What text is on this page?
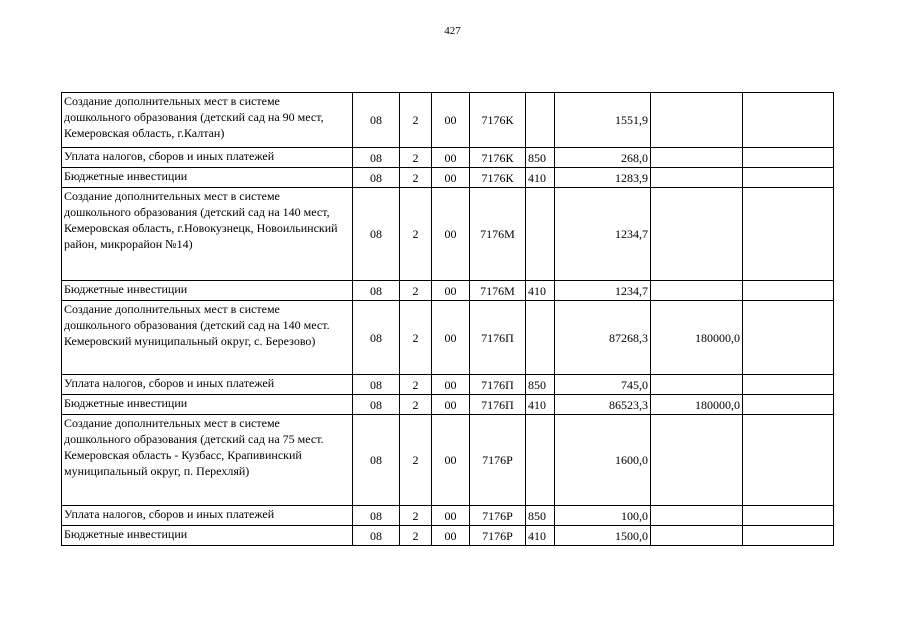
427
Создание дополнительных мест в системе дошкольного образования (детский сад на 90 мест, Кемеровская область, г.Калтан)	08	2	00	7176К		1551,9		
Уплата налогов, сборов и иных платежей	08	2	00	7176К	850	268,0		
Бюджетные инвестиции	08	2	00	7176К	410	1283,9		
Создание дополнительных мест в системе дошкольного образования (детский сад на 140 мест, Кемеровская область, г.Новокузнецк, Новоильинский район, микрорайон №14)	08	2	00	7176М		1234,7		
Бюджетные инвестиции	08	2	00	7176М	410	1234,7		
Создание дополнительных мест в системе дошкольного образования (детский сад на 140 мест. Кемеровский муниципальный округ, с. Березово)	08	2	00	7176П		87268,3	180000,0	
Уплата налогов, сборов и иных платежей	08	2	00	7176П	850	745,0		
Бюджетные инвестиции	08	2	00	7176П	410	86523,3	180000,0	
Создание дополнительных мест в системе дошкольного образования (детский сад на 75 мест. Кемеровская область - Кузбасс, Крапивинский муниципальный округ, п. Перехляй)	08	2	00	7176Р		1600,0		
Уплата налогов, сборов и иных платежей	08	2	00	7176Р	850	100,0		
Бюджетные инвестиции	08	2	00	7176Р	410	1500,0		
